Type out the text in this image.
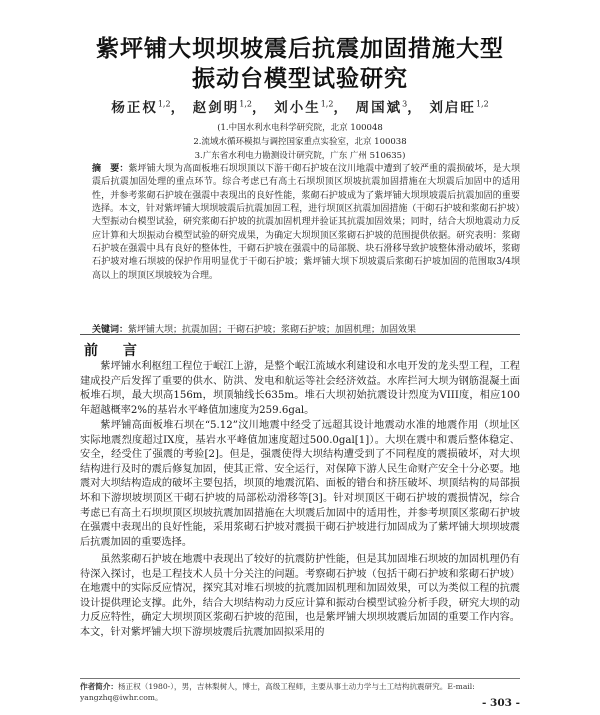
紫坪铺大坝坝坡震后抗震加固措施大型
振动台模型试验研究
杨正权$^{1,2}$， 赵剑明$^{1,2}$， 刘小生$^{1,2}$， 周国斌$^3$， 刘启旺$^{1,2}$
(1.中国水利水电科学研究院，北京 100048
2.流域水循环模拟与调控国家重点实验室，北京 100038
3.广东省水利电力勘测设计研究院，广东 广州 510635)
摘　要：紫坪铺大坝为高面板堆石坝坝顶以下游干砌石护坡在汶川地震中遭到了较严重的震损破坏，是大坝震后抗震加固处理的重点环节。综合考虑已有高土石坝坝顶区坝坡抗震加固措施在大坝震后加固中的适用性，并参考浆砌石护坡在强震中表现出的良好性能，浆砌石护坡成为了紫坪铺大坝坝坡震后抗震加固的重要选择。本文，针对紫坪铺大坝坝坡震后抗震加固工程，进行坝顶区抗震加固措施（干砌石护坡和浆砌石护坡）大型振动台模型试验，研究浆砌石护坡的抗震加固机理并验证其抗震加固效果；同时，结合大坝地震动力反应计算和大坝振动台模型试验的研究成果，为确定大坝坝顶区浆砌石护坡的范围提供依据。研究表明：浆砌石护坡在强震中具有良好的整体性，干砌石护坡在强震中的局部脱、块石滑移导致护坡整体滑动破坏，浆砌石护坡对堆石坝坡的保护作用明显优于干砌石护坡；紫坪铺大坝下坝坡震后浆砌石护坡加固的范围取3/4坝高以上的坝顶区坝坡较为合理。
关键词：紫坪铺大坝；抗震加固；干砌石护坡；浆砌石护坡；加固机理；加固效果
前 言

紫坪铺水利枢纽工程位于岷江上游，是整个岷江流域水利建设和水电开发的龙头型工程，工程建成投产后发挥了重要的供水、防洪、发电和航运等社会经济效益。水库拦河大坝为钢筋混凝土面板堆石坝，最大坝高156m，坝顶轴线长635m。堆石大坝初始抗震设计烈度为VIII度，相应100年超越概率2%的基岩水平峰值加速度为259.6gal。

紫坪铺高面板堆石坝在“5.12”汶川地震中经受了远超其设计地震动水准的地震作用（坝址区实际地震烈度超过IX度，基岩水平峰值加速度超过500.0gal[1]）。大坝在震中和震后整体稳定、安全，经受住了强震的考验[2]。但是，强震使得大坝结构遭受到了不同程度的震损破坏，对大坝结构进行及时的震后修复加固，使其正常、安全运行，对保障下游人民生命财产安全十分必要。地震对大坝结构造成的破坏主要包括，坝顶的地震沉陷、面板的错台和挤压破坏、坝顶结构的局部损坏和下游坝坡坝顶区干砌石护坡的局部松动滑移等[3]。针对坝顶区干砌石护坡的震损情况，综合考虑已有高土石坝坝顶区坝坡抗震加固措施在大坝震后加固中的适用性，并参考坝顶区浆砌石护坡在强震中表现出的良好性能，采用浆砌石护坡对震损干砌石护坡进行加固成为了紫坪铺大坝坝坡震后抗震加固的重要选择。

虽然浆砌石护坡在地震中表现出了较好的抗震防护性能，但是其加固堆石坝坡的加固机理仍有待深入探讨，也是工程技术人员十分关注的问题。考察砌石护坡（包括干砌石护坡和浆砌石护坡）在地震中的实际反应情况，探究其对堆石坝坡的抗震加固机理和加固效果，可以为类似工程的抗震设计提供理论支撑。此外，结合大坝结构动力反应计算和振动台模型试验分析手段，研究大坝的动力反应特性，确定大坝坝顶区浆砌石护坡的范围，也是紫坪铺大坝坝坡震后加固的重要工作内容。本文，针对紫坪铺大坝下游坝坡震后抗震加固拟采用的

作者简介：杨正权（1980-），男，吉林梨树人，博士，高级工程师，主要从事土动力学与土工结构抗震研究。E-mail: yangzhq@iwhr.com。	- 303 -
